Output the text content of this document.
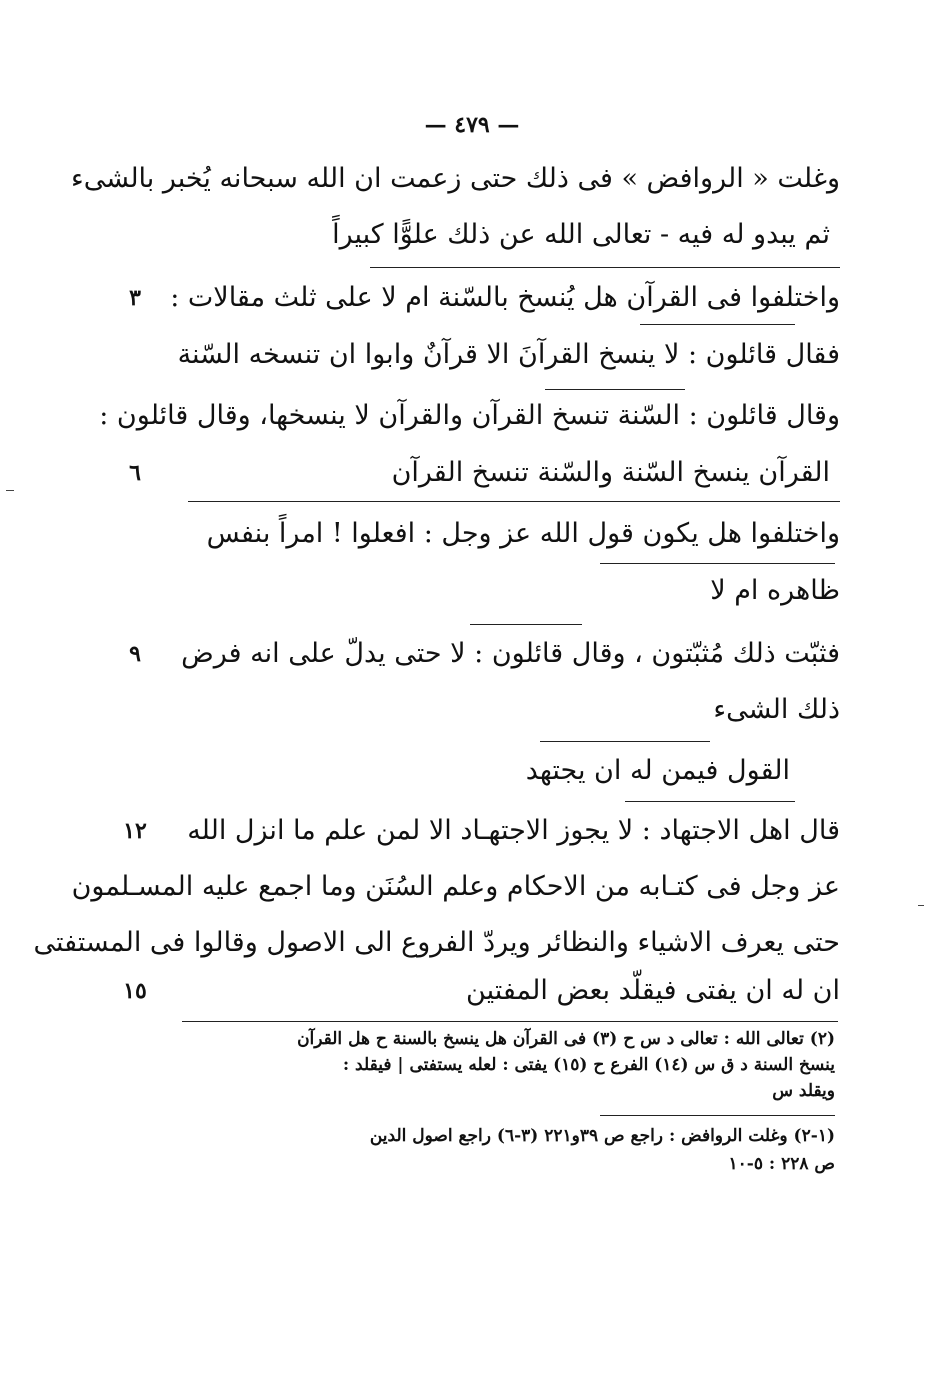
— ٤٧٩ —
وغلت « الروافض » فى ذلك حتى زعمت ان الله سبحانه يُخبر بالشىء
ثم يبدو له فيه - تعالى الله عن ذلك علوًّا كبيراً
واختلفوا فى القرآن هل يُنسخ بالسّنة ام لا على ثلث مقالات :
٣
فقال قائلون : لا ينسخ القرآنَ الا قرآنٌ وابوا ان تنسخه السّنة
وقال قائلون : السّنة تنسخ القرآن والقرآن لا ينسخها، وقال قائلون :
القرآن ينسخ السّنة والسّنة تنسخ القرآن
٦
واختلفوا هل يكون قول الله عز وجل : افعلوا ! امراً بنفس
ظاهره ام لا
فثبّت ذلك مُثبّتون ، وقال قائلون : لا حتى يدلّ على انه فرض
٩
ذلك الشىء
القول فيمن له ان يجتهد
قال اهل الاجتهاد : لا يجوز الاجتهـاد الا لمن علم ما انزل الله
١٢
عز وجل فى كتـابه من الاحكام وعلم السُنَن وما اجمع عليه المسـلمون
حتى يعرف الاشياء والنظائر ويردّ الفروع الى الاصول وقالوا فى المستفتى
ان له ان يفتى فيقلّد بعض المفتين
١٥
(٢) تعالى الله : تعالى د س ح (٣) فى القرآن هل ينسخ بالسنة ح هل القرآن
ينسخ السنة د ق س (١٤) الفرع ح (١٥) يفتى : لعله يستفتى | فيقلد :
ويقلد س
(١-٢) وغلت الروافض : راجع ص ٣٩و٢٢١ (٣-٦) راجع اصول الدين
ص ٢٢٨ : ٥-١٠
